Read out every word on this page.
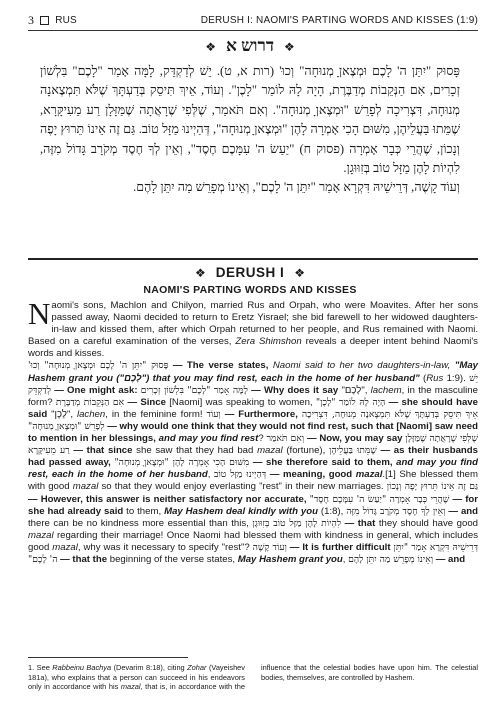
3 RUS	DERUSH I: NAOMI'S PARTING WORDS AND KISSES (1:9)
❖ דרוש א ❖

פָּסוּק "יִתֵּן ה' לָכֶם וּמְצֶאןָ מְנוּחָה" וְכוּ' (רות א, ט). יֵשׁ לְדַקְדֵּק, לָמָּה אָמַר "לָכֶם" בִּלְשׁוֹן זְכָרִים, אִם הַנְּקֵבוֹת מְדַבֶּרֶת, הָיָה לָהּ לוֹמַר "לָכֶן". וְעוֹד, אֵיךְ תִּיסֵק בְּדַעְתָּךְ שֶׁלֹּא תִּמְצֶאנָה מְנוּחָה, דִּצְרִיכָה לְפָרֵשׁ "וּמְצֶאןָ מְנוּחָה". וְאִם תֹּאמַר, שֶׁלְּפִי שֶׁרָאֲתָה שֶׁמַּזָּלָן רַע מֵעִיקָּרָא, שֶׁמֵּתוּ בַּעֲלֵיהֶן, מִשּׁוּם הָכִי אָמְרָה לָהֶן "וּמְצֶאןָ מְנוּחָה", דְּהַיְינוּ מַזָּל טוֹב. גַּם זֶה אֵינוֹ תֵּרוּץ יָפֶה וְנָכוֹן, שֶׁהֲרֵי כְּבָר אָמְרָה (פסוק ח) "יַעַשׂ ה' עִמָּכֶם חֶסֶד", וְאֵין לְךָ חֶסֶד מְקֹרָב גָּדוֹל מִזֶּה, לִהְיוֹת לָהֶן מַזָּל טוֹב בְּזִוּוּגָן.

וְעוֹד קָשֶׁה, דְּרֵישֵׁיהּ דִּקְרָא אָמַר "יִתֵּן ה' לָכֶם", וְאֵינוֹ מְפָרֵשׁ מַה יִתֵּן לָהֶם.

❖ DERUSH I ❖
NAOMI'S PARTING WORDS AND KISSES

Naomi's sons, Machlon and Chilyon, married Rus and Orpah, who were Moavites. After her sons passed away, Naomi decided to return to Eretz Yisrael; she bid farewell to her widowed daughters-in-law and kissed them, after which Orpah returned to her people, and Rus remained with Naomi. Based on a careful examination of the verses, Zera Shimshon reveals a deeper intent behind Naomi's words and kisses.

פָּסוּק "יִתֵּן ה' לָכֶם וּמְצֶאןָ מְנוּחָה" וְכוּ' — The verse states, Naomi said to her two daughters-in-law, "May Hashem grant you ("לָכֶם") that you may find rest, each in the home of her husband" (Rus 1:9). יֵשׁ לְדַקְדֵּק — One might ask: לָמָּה אָמַר "לָכֶם" בִּלְשׁוֹן זְכָרִים — Why does it say "לָכֶם", lachem, in the masculine form? אִם הַנְּקֵבוֹת מְדַבֶּרֶת — Since [Naomi] was speaking to women, הָיָה לָהּ לוֹמַר "לָכֶן" — she should have said "לָכֶן", lachen, in the feminine form! וְעוֹד — Furthermore, אֵיךְ תִּיסֵק בְּדַעְתָּךְ שֶׁלֹּא תִּמְצֶאנָה מְנוּחָה, דִּצְרִיכָה לְפָרֵשׁ "וּמְצֶאןָ מְנוּחָה" — why would one think that they would not find rest, such that [Naomi] saw need to mention in her blessings, and may you find rest? וְאִם תֹּאמַר — Now, you may say שֶׁלְּפִי שֶׁרָאֲתָה שֶׁמַּזָּלָן רַע מֵעִיקָּרָא — that since she saw that they had bad mazal (fortune), שֶׁמֵּתוּ בַּעֲלֵיהֶן — as their husbands had passed away, מִשּׁוּם הָכִי אָמְרָה לָהֶן "וּמְצֶאןָ מְנוּחָה" — she therefore said to them, and may you find rest, each in the home of her husband, דְּהַיְינוּ מַזָּל טוֹב — meaning, good mazal.[1] She blessed them with good mazal so that they would enjoy everlasting "rest" in their new marriages. גַּם זֶה אֵינוֹ תֵּרוּץ יָפֶה וְנָכוֹן — However, this answer is neither satisfactory nor accurate, שֶׁהֲרֵי כְּבָר אָמְרָה "יַעַשׂ ה' עִמָּכֶם חֶסֶד" — for she had already said to them, May Hashem deal kindly with you (1:8), וְאֵין לְךָ חֶסֶד מְקֹרָב גָּדוֹל מִזֶּה — and there can be no kindness more essential than this, לִהְיוֹת לָהֶן מַזָּל טוֹב בְּזִוּוּגָן — that they should have good mazal regarding their marriage! Once Naomi had blessed them with kindness in general, which includes good mazal, why was it necessary to specify "rest"? וְעוֹד קָשֶׁה — It is further difficult דְּרֵישֵׁיהּ דִּקְרָא אָמַר "יִתֵּן ה' לָכֶם" — that the beginning of the verse states, May Hashem grant you, וְאֵינוֹ מְפָרֵשׁ מַה יִתֵּן לָהֶם — and

1. See Rabbeinu Bachya (Devarim 8:18), citing Zohar (Vayeishev 181a), who explains that a person can succeed in his endeavors only in accordance with his mazal, that is, in accordance with the influence that the celestial bodies have upon him. The celestial bodies, themselves, are controlled by Hashem.
